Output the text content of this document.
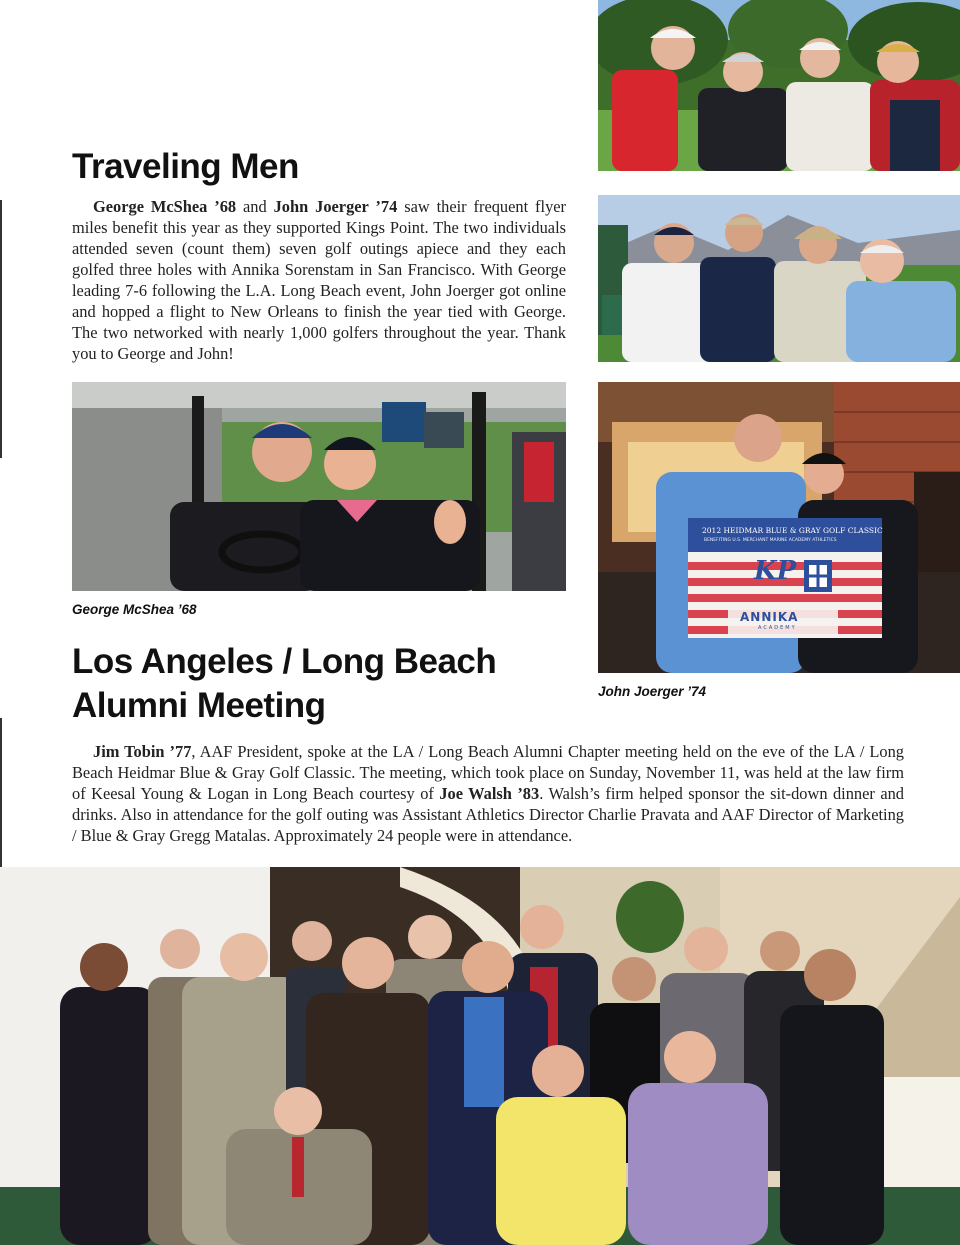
Traveling Men
George McShea ’68 and John Joerger ’74 saw their frequent flyer miles benefit this year as they supported Kings Point. The two individuals attended seven (count them) seven golf outings apiece and they each golfed three holes with Annika Sorenstam in San Francisco. With George leading 7-6 following the L.A. Long Beach event, John Joerger got online and hopped a flight to New Orleans to finish the year tied with George. The two networked with nearly 1,000 golfers throughout the year. Thank you to George and John!
George McShea ’68
2012 HEIDMAR BLUE & GRAY GOLF CLASSIC
BENEFITING U.S. MERCHANT MARINE ACADEMY ATHLETICS
KP
ANNIKA
ACADEMY
John Joerger ’74
Los Angeles / Long Beach
Alumni Meeting
Jim Tobin ’77, AAF President, spoke at the LA / Long Beach Alumni Chapter meeting held on the eve of the LA / Long Beach Heidmar Blue & Gray Golf Classic. The meeting, which took place on Sunday, November 11, was held at the law firm of Keesal Young & Logan in Long Beach courtesy of Joe Walsh ’83. Walsh’s firm helped sponsor the sit-down dinner and drinks. Also in attendance for the golf outing was Assistant Athletics Director Charlie Pravata and AAF Director of Marketing / Blue & Gray Gregg Matalas. Approximately 24 people were in attendance.
